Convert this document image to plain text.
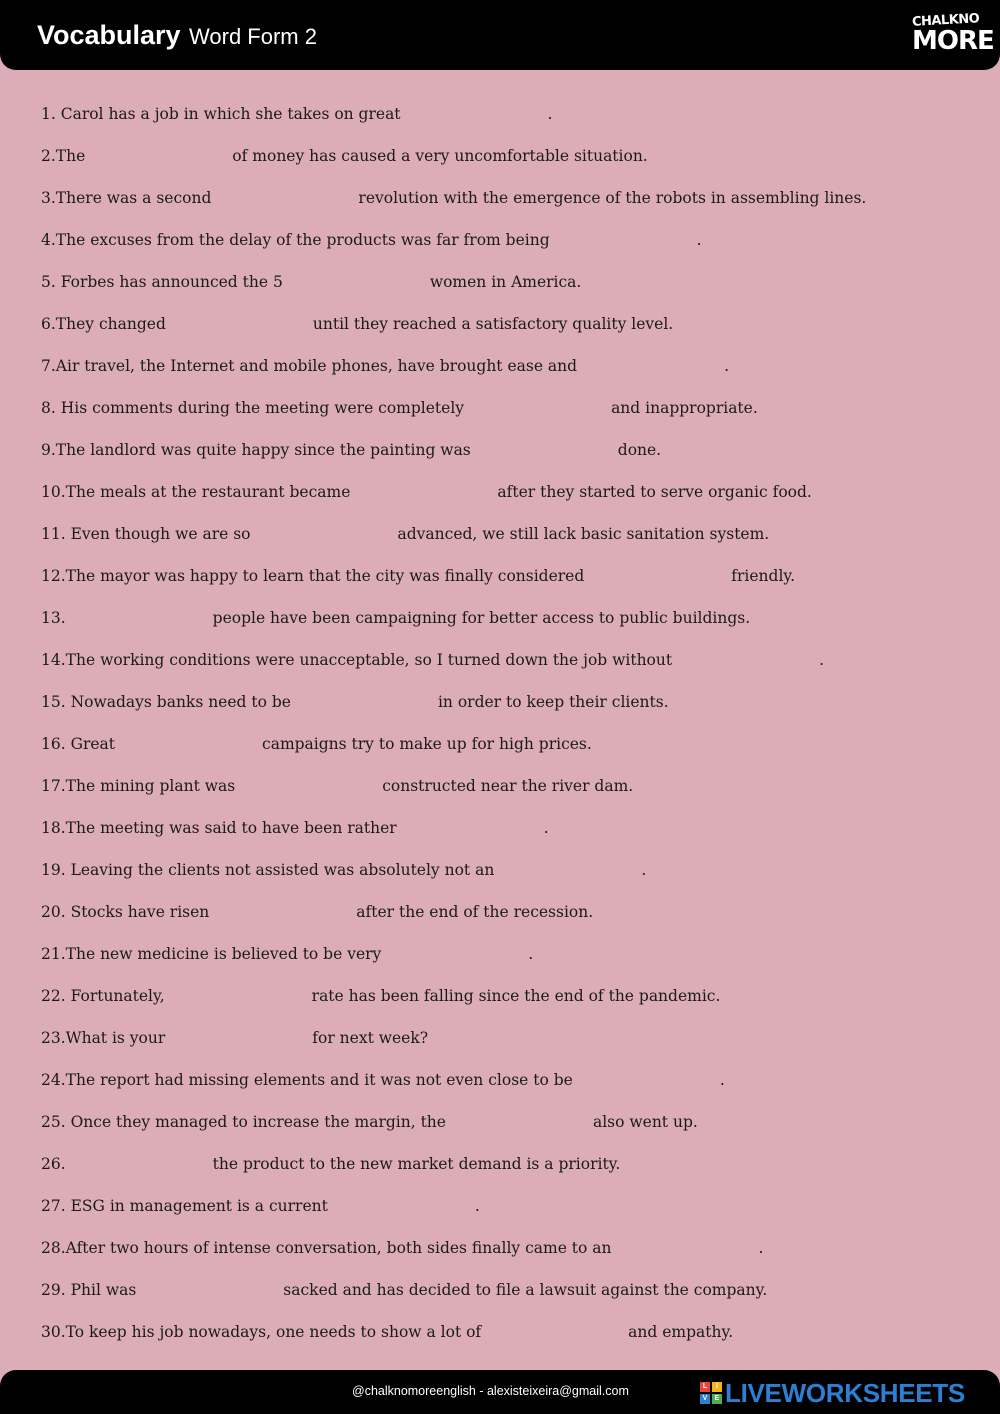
Vocabulary Word Form 2
CHALKNO
MORE
1. Carol has a job in which she takes on great	.
2.The	of money has caused a very uncomfortable situation.
3.There was a second	revolution with the emergence of the robots in assembling lines.
4.The excuses from the delay of the products was far from being	.
5. Forbes has announced the 5	women in America.
6.They changed	until they reached a satisfactory quality level.
7.Air travel, the Internet and mobile phones, have brought ease and	.
8. His comments during the meeting were completely	and inappropriate.
9.The landlord was quite happy since the painting was	done.
10.The meals at the restaurant became	after they started to serve organic food.
11. Even though we are so	advanced, we still lack basic sanitation system.
12.The mayor was happy to learn that the city was finally considered	friendly.
13.	people have been campaigning for better access to public buildings.
14.The working conditions were unacceptable, so I turned down the job without	.
15. Nowadays banks need to be	in order to keep their clients.
16. Great	campaigns try to make up for high prices.
17.The mining plant was	constructed near the river dam.
18.The meeting was said to have been rather	.
19. Leaving the clients not assisted was absolutely not an	.
20. Stocks have risen	after the end of the recession.
21.The new medicine is believed to be very	.
22. Fortunately,	rate has been falling since the end of the pandemic.
23.What is your	for next week?
24.The report had missing elements and it was not even close to be	.
25. Once they managed to increase the margin, the	also went up.
26.	the product to the new market demand is a priority.
27. ESG in management is a current	.
28.After two hours of intense conversation, both sides finally came to an	.
29. Phil was	sacked and has decided to file a lawsuit against the company.
30.To keep his job nowadays, one needs to show a lot of	and empathy.
@chalknomoreenglish - alexisteixeira@gmail.com	L	I
V	E LIVEWORKSHEETS
